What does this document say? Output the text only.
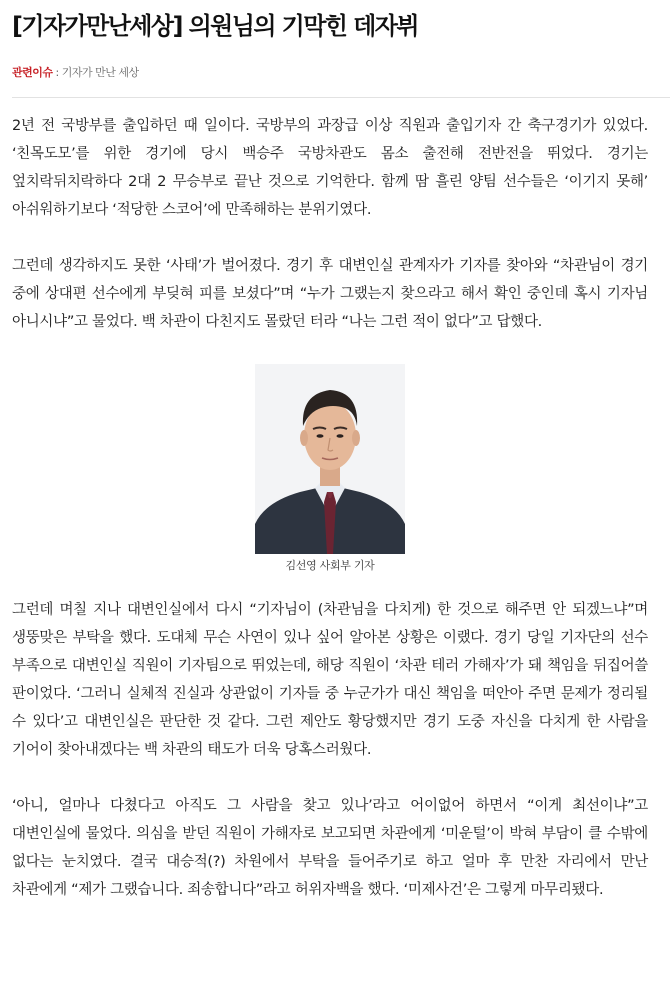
[기자가만난세상] 의원님의 기막힌 데자뷔
관련이슈 : 기자가 만난 세상

2년 전 국방부를 출입하던 때 일이다. 국방부의 과장급 이상 직원과 출입기자 간 축구경기가 있었다. ‘친목도모’를 위한 경기에 당시 백승주 국방차관도 몸소 출전해 전반전을 뛰었다. 경기는 엎치락뒤치락하다 2대 2 무승부로 끝난 것으로 기억한다. 함께 땀 흘린 양팀 선수들은 ‘이기지 못해’ 아쉬워하기보다 ‘적당한 스코어’에 만족해하는 분위기였다.

그런데 생각하지도 못한 ‘사태’가 벌어졌다. 경기 후 대변인실 관계자가 기자를 찾아와 “차관님이 경기 중에 상대편 선수에게 부딪혀 피를 보셨다”며 “누가 그랬는지 찾으라고 해서 확인 중인데 혹시 기자님 아니시냐”고 물었다. 백 차관이 다친지도 몰랐던 터라 “나는 그런 적이 없다”고 답했다.

김선영 사회부 기자

그런데 며칠 지나 대변인실에서 다시 “기자님이 (차관님을 다치게) 한 것으로 해주면 안 되겠느냐”며 생뚱맞은 부탁을 했다. 도대체 무슨 사연이 있나 싶어 알아본 상황은 이랬다. 경기 당일 기자단의 선수 부족으로 대변인실 직원이 기자팀으로 뛰었는데, 해당 직원이 ‘차관 테러 가해자’가 돼 책임을 뒤집어쓸 판이었다. ‘그러니 실체적 진실과 상관없이 기자들 중 누군가가 대신 책임을 떠안아 주면 문제가 정리될 수 있다’고 대변인실은 판단한 것 같다. 그런 제안도 황당했지만 경기 도중 자신을 다치게 한 사람을 기어이 찾아내겠다는 백 차관의 태도가 더욱 당혹스러웠다.

‘아니, 얼마나 다쳤다고 아직도 그 사람을 찾고 있나’라고 어이없어 하면서 “이게 최선이냐”고 대변인실에 물었다. 의심을 받던 직원이 가해자로 보고되면 차관에게 ‘미운털’이 박혀 부담이 클 수밖에 없다는 눈치였다. 결국 대승적(?) 차원에서 부탁을 들어주기로 하고 얼마 후 만찬 자리에서 만난 차관에게 “제가 그랬습니다. 죄송합니다”라고 허위자백을 했다. ‘미제사건’은 그렇게 마무리됐다.
